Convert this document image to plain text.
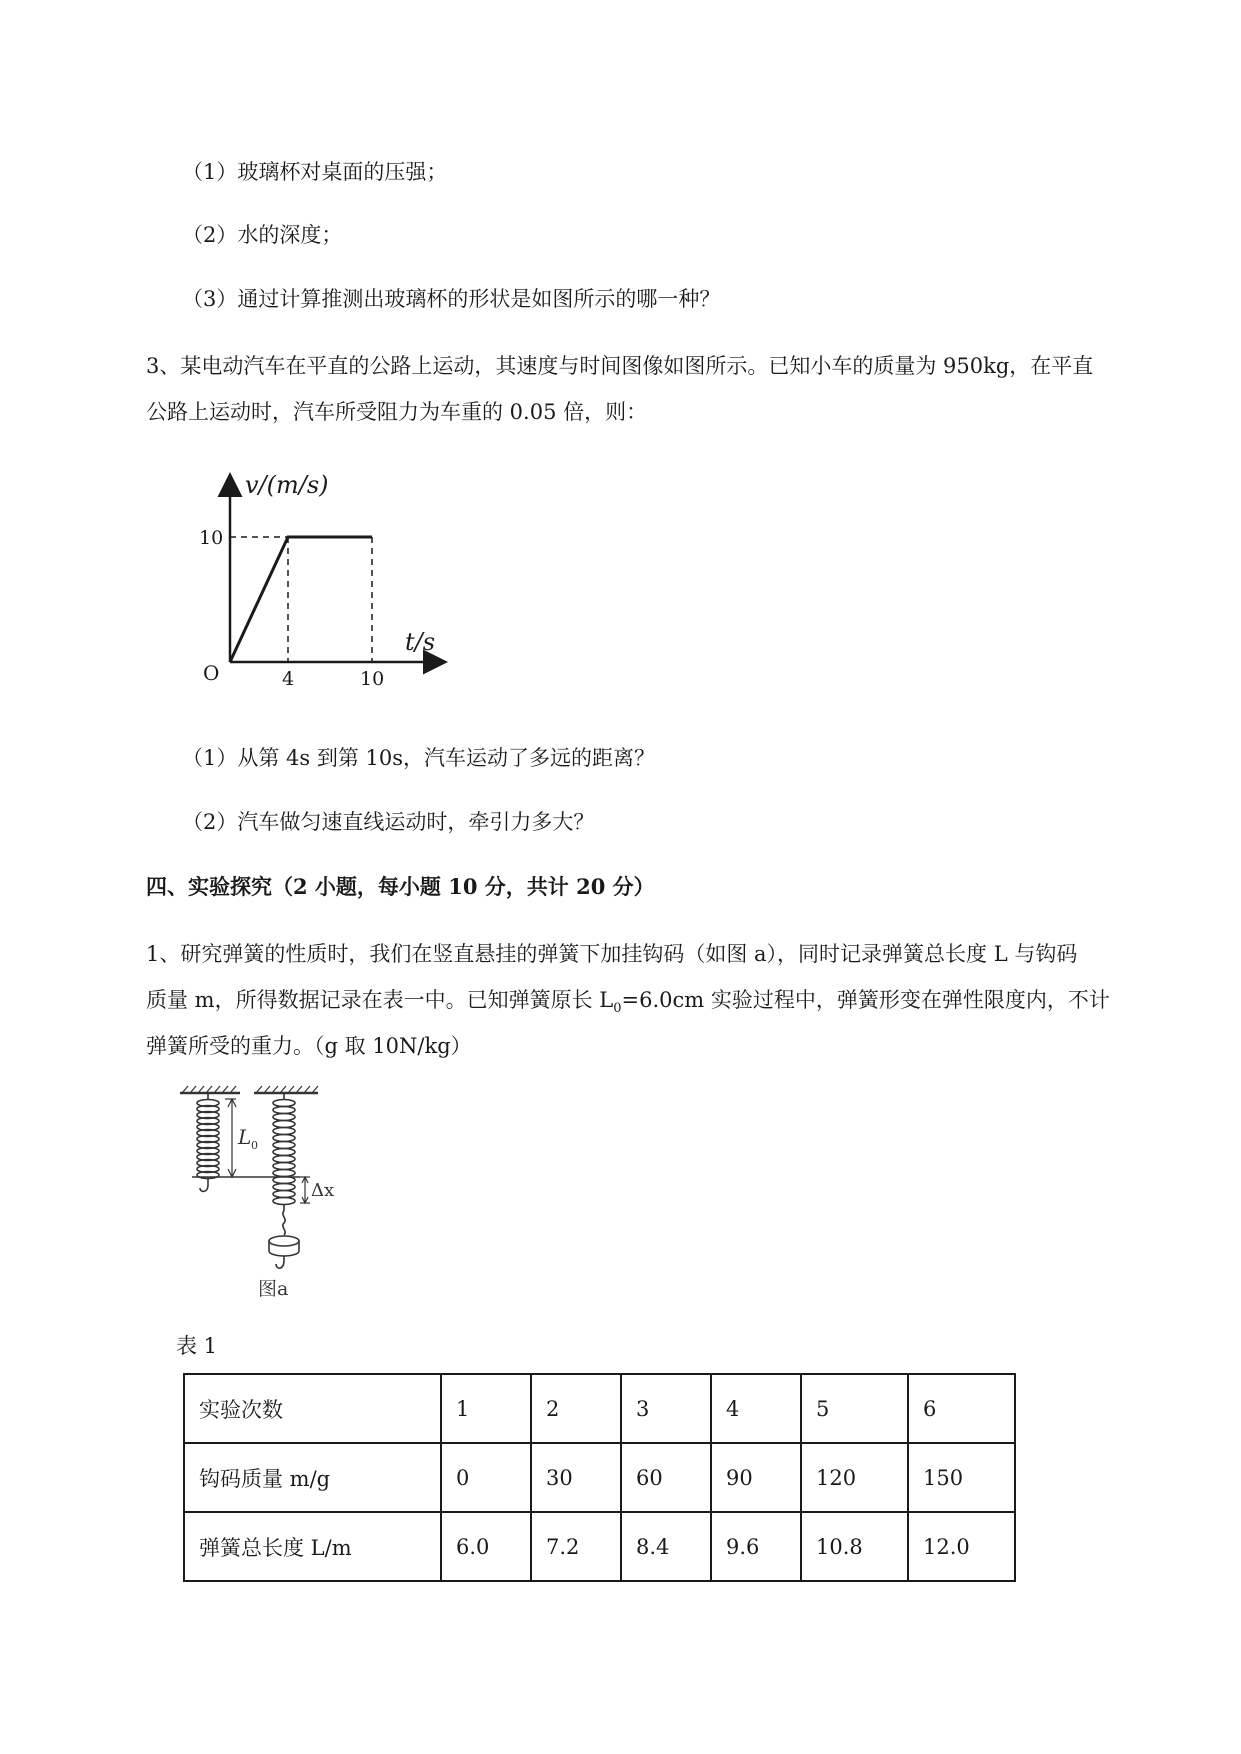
（1）玻璃杯对桌面的压强；
（2）水的深度；
（3）通过计算推测出玻璃杯的形状是如图所示的哪一种？
3、某电动汽车在平直的公路上运动，其速度与时间图像如图所示。已知小车的质量为 950kg，在平直
公路上运动时，汽车所受阻力为车重的 0.05 倍，则：
v/(m/s)
t/s
O
10
4	10
（1）从第 4s 到第 10s，汽车运动了多远的距离？
（2）汽车做匀速直线运动时，牵引力多大？
四、实验探究（2 小题，每小题 10 分，共计 20 分）
1、研究弹簧的性质时，我们在竖直悬挂的弹簧下加挂钩码（如图 a），同时记录弹簧总长度 L 与钩码
质量 m，所得数据记录在表一中。已知弹簧原长 $L_0=6.0cm$ 实验过程中，弹簧形变在弹性限度内，不计
弹簧所受的重力。（g 取 10N/kg）
L 0
Δx
图a
表 1
实验次数	1	2	3	4	5	6
钩码质量 m/g	0	30	60	90	120	150
弹簧总长度 L/m	6.0	7.2	8.4	9.6	10.8	12.0
